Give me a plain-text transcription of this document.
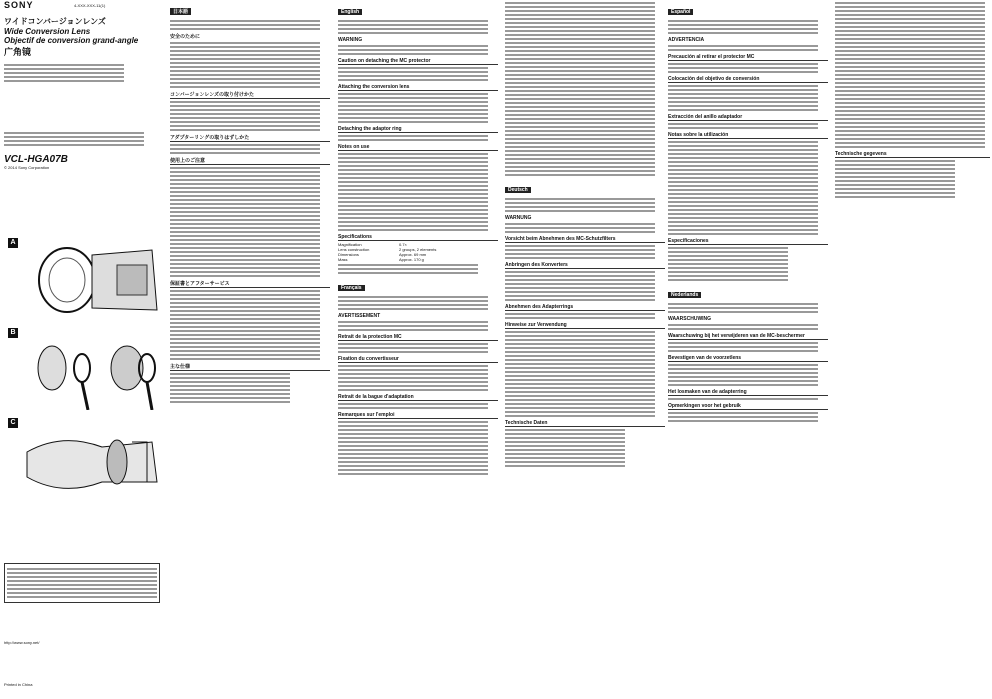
SONY	4-XXX-XXX-11(1)
ワイドコンバージョンレンズ
Wide Conversion Lens
Objectif de conversion grand-angle
广角镜
VCL-HGA07B
© 2014 Sony Corporation
A
B
C
http://www.sony.net/
Printed in China
日本語
安全のために
コンバージョンレンズの取り付けかた
アダプターリングの取りはずしかた
使用上のご注意
保証書とアフターサービス
主な仕様
English
WARNING
Caution on detaching the MC protector
Attaching the conversion lens
Detaching the adaptor ring
Notes on use
Specifications
Magnification	0.7×
Lens construction	2 groups, 2 elements
Dimensions	Approx. 69 mm
Mass	Approx. 170 g
Français
AVERTISSEMENT
Retrait de la protection MC
Fixation du convertisseur
Retrait de la bague d'adaptation
Remarques sur l'emploi
Deutsch
WARNUNG
Vorsicht beim Abnehmen des MC-Schutzfilters
Anbringen des Konverters
Abnehmen des Adapterrings
Hinweise zur Verwendung
Technische Daten
Español
ADVERTENCIA
Precaución al retirar el protector MC
Colocación del objetivo de conversión
Extracción del anillo adaptador
Notas sobre la utilización
Especificaciones
Nederlands
WAARSCHUWING
Waarschuwing bij het verwijderen van de MC-beschermer
Bevestigen van de voorzetlens
Het losmaken van de adapterring
Opmerkingen voor het gebruik
Technische gegevens
